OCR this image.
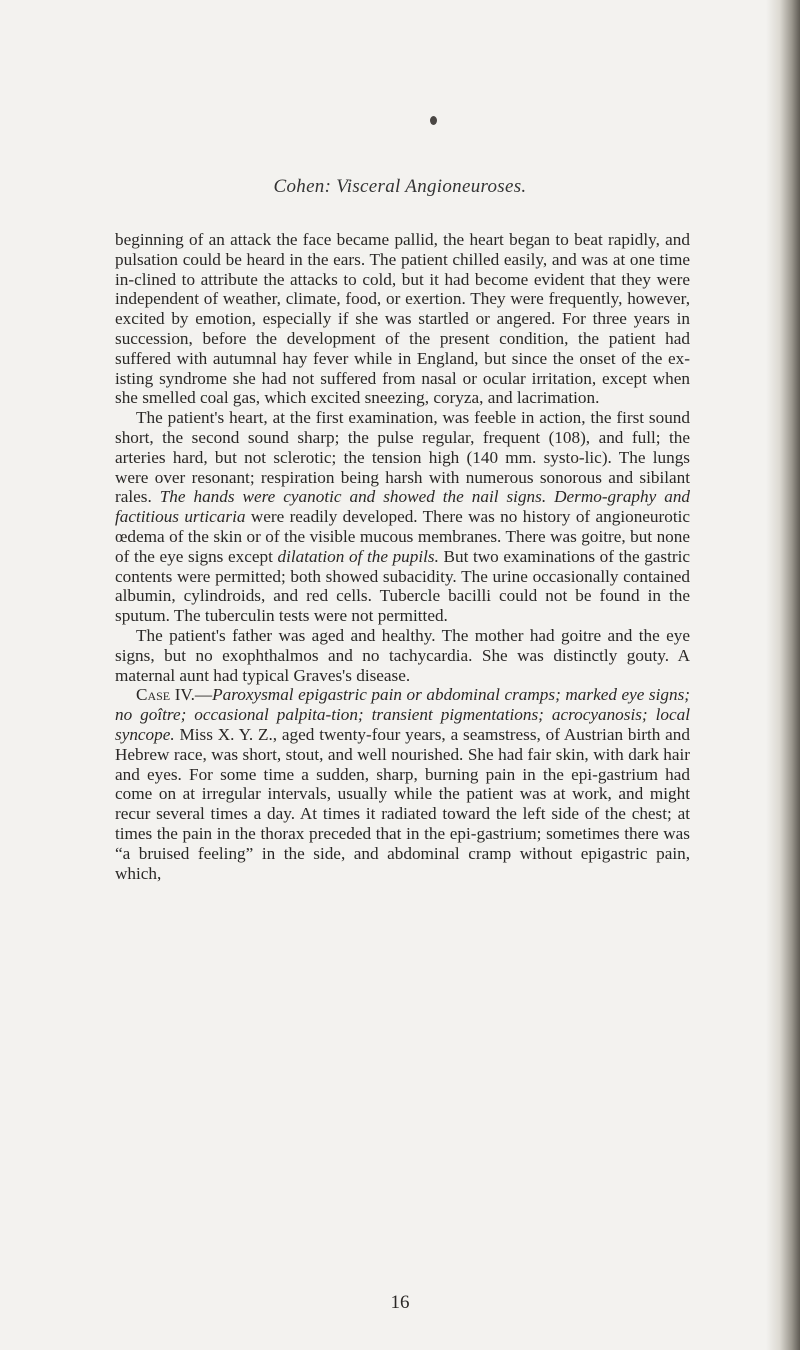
Cohen: Visceral Angioneuroses.

beginning of an attack the face became pallid, the heart began to beat rapidly, and pulsation could be heard in the ears. The patient chilled easily, and was at one time in-clined to attribute the attacks to cold, but it had become evident that they were independent of weather, climate, food, or exertion. They were frequently, however, excited by emotion, especially if she was startled or angered. For three years in succession, before the development of the present condition, the patient had suffered with autumnal hay fever while in England, but since the onset of the ex-isting syndrome she had not suffered from nasal or ocular irritation, except when she smelled coal gas, which excited sneezing, coryza, and lacrimation.

The patient's heart, at the first examination, was feeble in action, the first sound short, the second sound sharp; the pulse regular, frequent (108), and full; the arteries hard, but not sclerotic; the tension high (140 mm. systo-lic). The lungs were over resonant; respiration being harsh with numerous sonorous and sibilant rales. The hands were cyanotic and showed the nail signs. Dermo-graphy and factitious urticaria were readily developed. There was no history of angioneurotic œdema of the skin or of the visible mucous membranes. There was goitre, but none of the eye signs except dilatation of the pupils. But two examinations of the gastric contents were permitted; both showed subacidity. The urine occasionally contained albumin, cylindroids, and red cells. Tubercle bacilli could not be found in the sputum. The tuberculin tests were not permitted.

The patient's father was aged and healthy. The mother had goitre and the eye signs, but no exophthalmos and no tachycardia. She was distinctly gouty. A maternal aunt had typical Graves's disease.

Case IV.—Paroxysmal epigastric pain or abdominal cramps; marked eye signs; no goître; occasional palpita-tion; transient pigmentations; acrocyanosis; local syncope. Miss X. Y. Z., aged twenty-four years, a seamstress, of Austrian birth and Hebrew race, was short, stout, and well nourished. She had fair skin, with dark hair and eyes. For some time a sudden, sharp, burning pain in the epi-gastrium had come on at irregular intervals, usually while the patient was at work, and might recur several times a day. At times it radiated toward the left side of the chest; at times the pain in the thorax preceded that in the epi-gastrium; sometimes there was “a bruised feeling” in the side, and abdominal cramp without epigastric pain, which,

16
